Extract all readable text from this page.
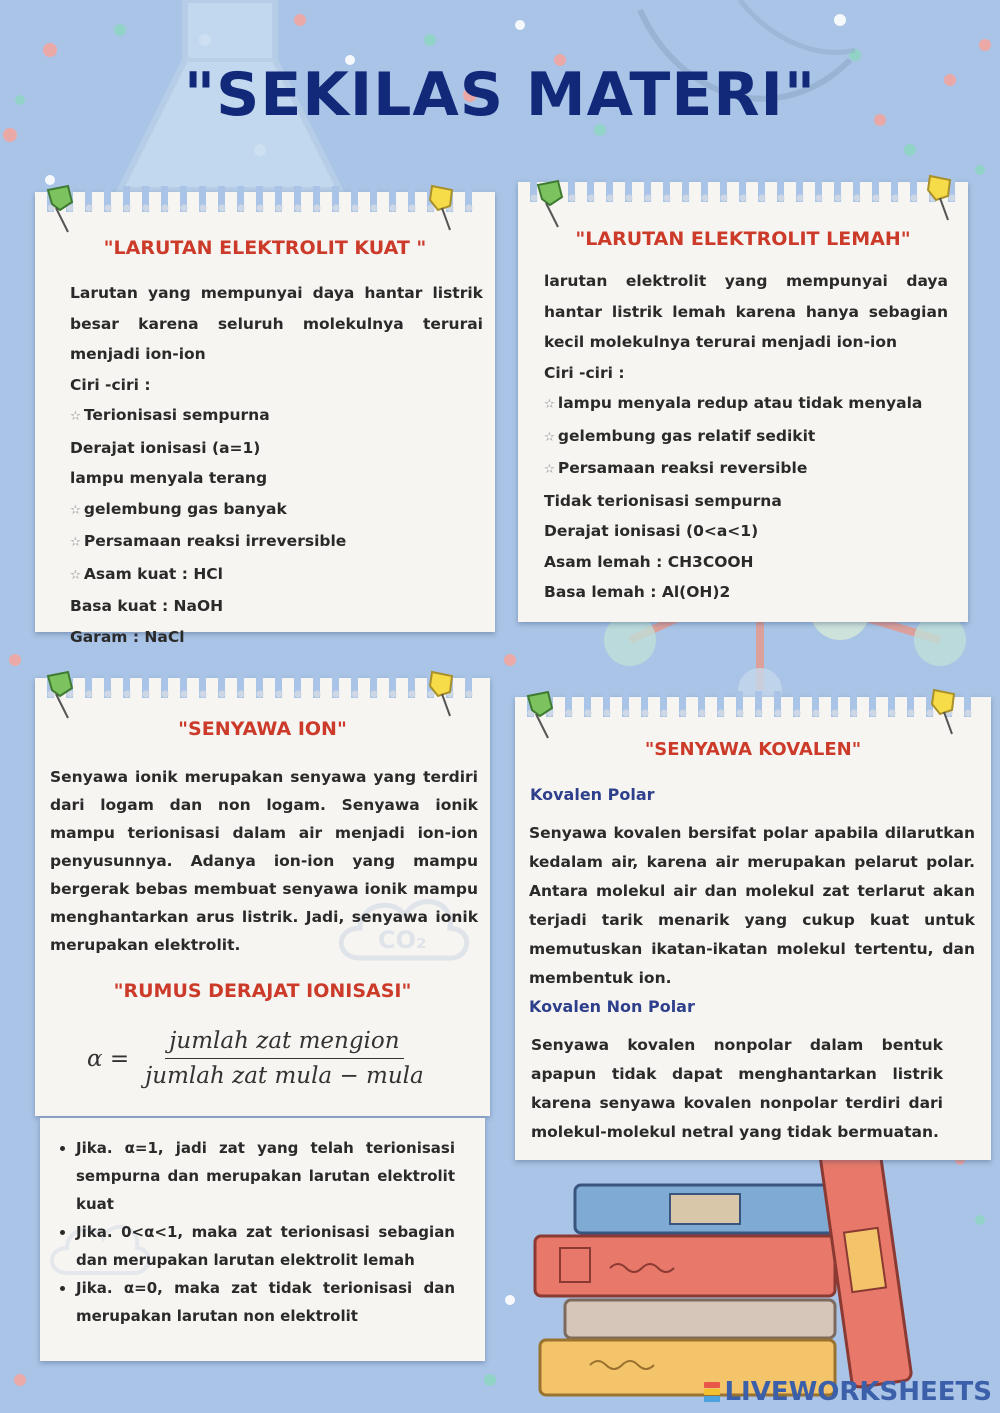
"SEKILAS MATERI"

"LARUTAN ELEKTROLIT KUAT "

Larutan yang mempunyai daya hantar listrik besar karena seluruh molekulnya terurai menjadi ion-ion
Ciri -ciri :
✫ Terionisasi sempurna
Derajat ionisasi (a=1)
lampu menyala terang
✫ gelembung gas banyak
✫ Persamaan reaksi irreversible
✫ Asam kuat : HCl
Basa kuat : NaOH
Garam : NaCl

"LARUTAN ELEKTROLIT LEMAH"

larutan elektrolit yang mempunyai daya hantar listrik lemah karena hanya sebagian kecil molekulnya terurai menjadi ion-ion
Ciri -ciri :
✫ lampu menyala redup atau tidak menyala
✫ gelembung gas relatif sedikit
✫ Persamaan reaksi reversible
Tidak terionisasi sempurna
Derajat ionisasi (0<a<1)
Asam lemah : CH3COOH
Basa lemah : Al(OH)2
CO₂

"SENYAWA ION"

Senyawa ionik merupakan senyawa yang terdiri dari logam dan non logam. Senyawa ionik mampu terionisasi dalam air menjadi ion-ion penyusunnya. Adanya ion-ion yang mampu bergerak bebas membuat senyawa ionik mampu menghantarkan arus listrik. Jadi, senyawa ionik merupakan elektrolit.

"RUMUS DERAJAT IONISASI"

$\alpha = \frac{\text{jumlah zat mengion}}{\text{jumlah zat mula − mula}}$
• Jika. α=1, jadi zat yang telah terionisasi sempurna dan merupakan larutan elektrolit kuat
• Jika. 0<α<1, maka zat terionisasi sebagian dan merupakan larutan elektrolit lemah
• Jika. α=0, maka zat tidak terionisasi dan merupakan larutan non elektrolit

"SENYAWA KOVALEN"

Kovalen Polar
Senyawa kovalen bersifat polar apabila dilarutkan kedalam air, karena air merupakan pelarut polar. Antara molekul air dan molekul zat terlarut akan terjadi tarik menarik yang cukup kuat untuk memutuskan ikatan-ikatan molekul tertentu, dan membentuk ion.
Kovalen Non Polar
Senyawa kovalen nonpolar dalam bentuk apapun tidak dapat menghantarkan listrik karena senyawa kovalen nonpolar terdiri dari molekul-molekul netral yang tidak bermuatan.
LIVEWORKSHEETS
